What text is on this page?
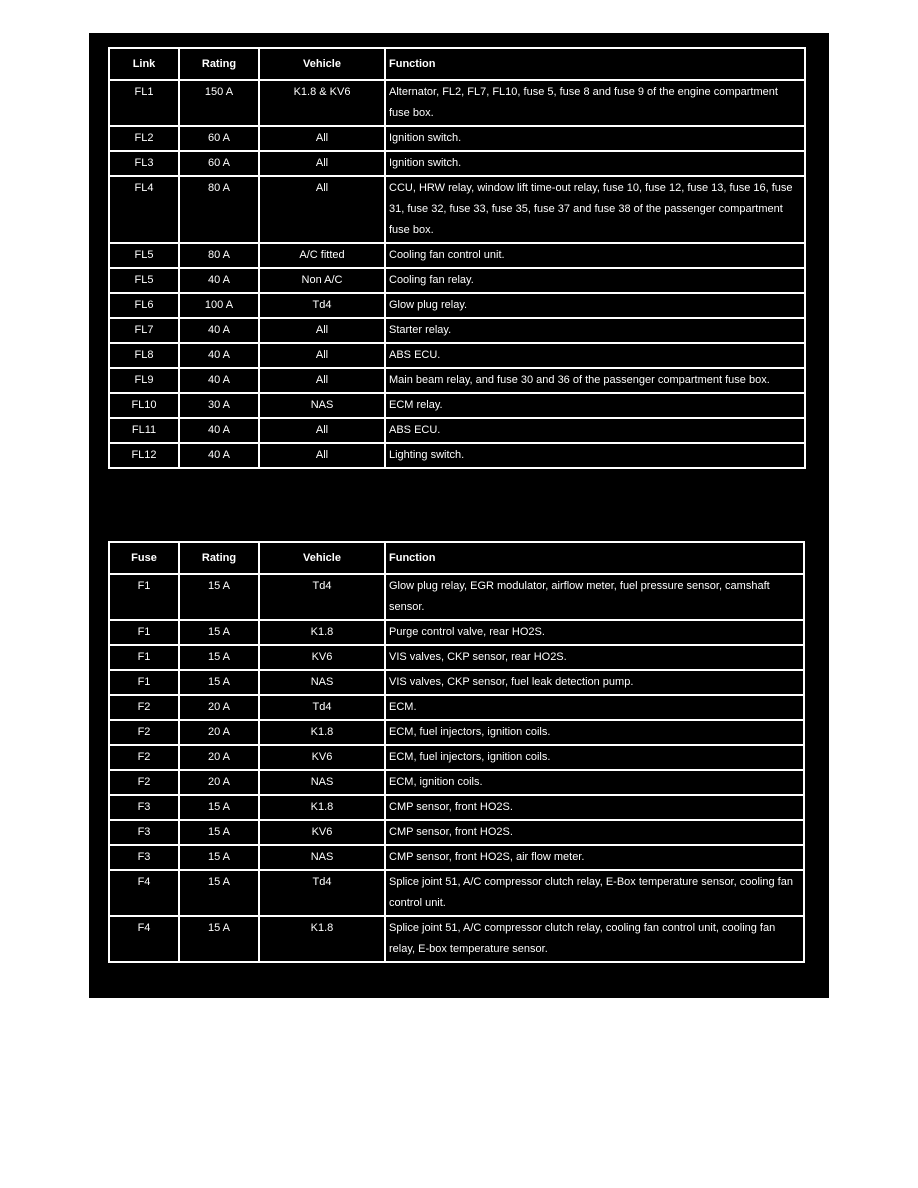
Link	Rating	Vehicle	Function
FL1	150 A	K1.8 & KV6	Alternator, FL2, FL7, FL10, fuse 5, fuse 8 and fuse 9 of the engine compartment fuse box.
FL2	60 A	All	Ignition switch.
FL3	60 A	All	Ignition switch.
FL4	80 A	All	CCU, HRW relay, window lift time-out relay, fuse 10, fuse 12, fuse 13, fuse 16, fuse 31, fuse 32, fuse 33, fuse 35, fuse 37 and fuse 38 of the passenger compartment fuse box.
FL5	80 A	A/C fitted	Cooling fan control unit.
FL5	40 A	Non A/C	Cooling fan relay.
FL6	100 A	Td4	Glow plug relay.
FL7	40 A	All	Starter relay.
FL8	40 A	All	ABS ECU.
FL9	40 A	All	Main beam relay, and fuse 30 and 36 of the passenger compartment fuse box.
FL10	30 A	NAS	ECM relay.
FL11	40 A	All	ABS ECU.
FL12	40 A	All	Lighting switch.
Fuse	Rating	Vehicle	Function
F1	15 A	Td4	Glow plug relay, EGR modulator, airflow meter, fuel pressure sensor, camshaft sensor.
F1	15 A	K1.8	Purge control valve, rear HO2S.
F1	15 A	KV6	VIS valves, CKP sensor, rear HO2S.
F1	15 A	NAS	VIS valves, CKP sensor, fuel leak detection pump.
F2	20 A	Td4	ECM.
F2	20 A	K1.8	ECM, fuel injectors, ignition coils.
F2	20 A	KV6	ECM, fuel injectors, ignition coils.
F2	20 A	NAS	ECM, ignition coils.
F3	15 A	K1.8	CMP sensor, front HO2S.
F3	15 A	KV6	CMP sensor, front HO2S.
F3	15 A	NAS	CMP sensor, front HO2S, air flow meter.
F4	15 A	Td4	Splice joint 51, A/C compressor clutch relay, E-Box temperature sensor, cooling fan control unit.
F4	15 A	K1.8	Splice joint 51, A/C compressor clutch relay, cooling fan control unit, cooling fan relay, E-box temperature sensor.
